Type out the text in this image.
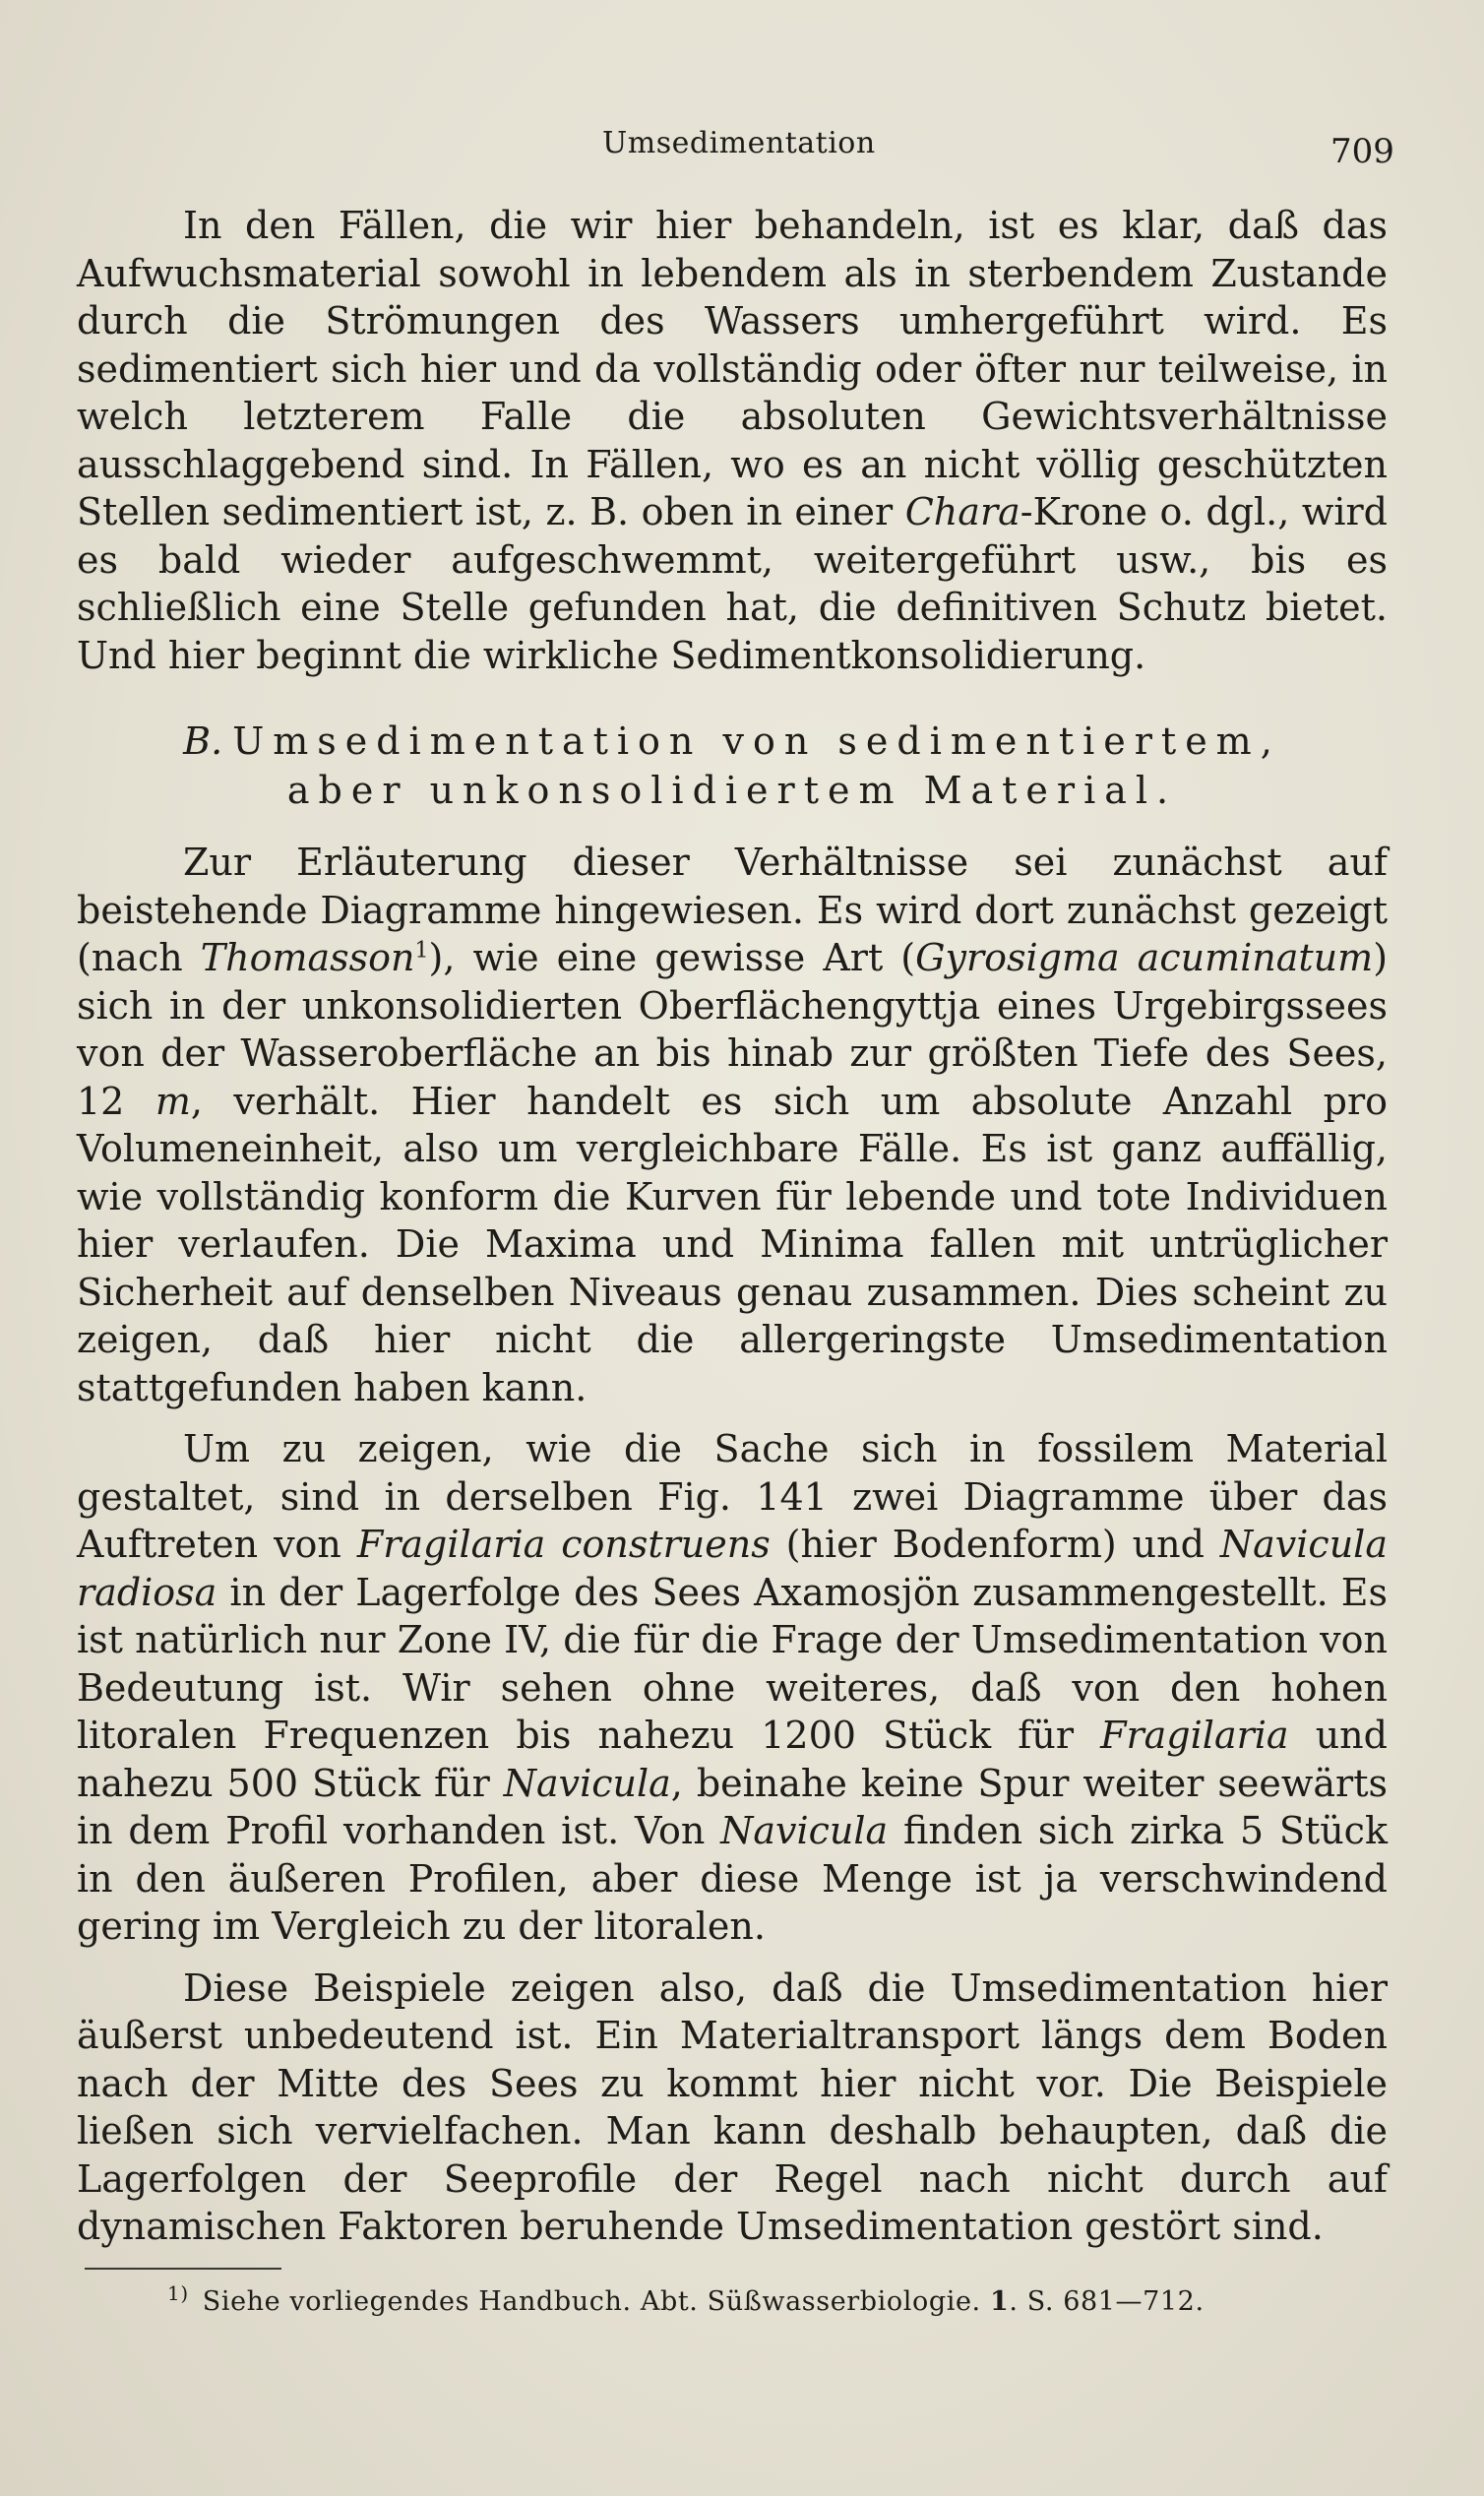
Umsedimentation	709

In den Fällen, die wir hier behandeln, ist es klar, daß das Aufwuchsmaterial sowohl in lebendem als in sterbendem Zustande durch die Strömungen des Wassers umhergeführt wird. Es sedimentiert sich hier und da vollständig oder öfter nur teilweise, in welch letzterem Falle die absoluten Gewichtsverhältnisse ausschlaggebend sind. In Fällen, wo es an nicht völlig geschützten Stellen sedimentiert ist, z. B. oben in einer Chara-Krone o. dgl., wird es bald wieder aufgeschwemmt, weitergeführt usw., bis es schließlich eine Stelle gefunden hat, die definitiven Schutz bietet. Und hier beginnt die wirkliche Sedimentkonsolidierung.

B. Umsedimentation von sedimentiertem,
aber unkonsolidiertem Material.

Zur Erläuterung dieser Verhältnisse sei zunächst auf beistehende Diagramme hingewiesen. Es wird dort zunächst gezeigt (nach Thomasson$^1$), wie eine gewisse Art (Gyrosigma acuminatum) sich in der unkonsolidierten Oberflächengyttja eines Urgebirgssees von der Wasseroberfläche an bis hinab zur größten Tiefe des Sees, 12 m, verhält. Hier handelt es sich um absolute Anzahl pro Volumeneinheit, also um vergleichbare Fälle. Es ist ganz auffällig, wie vollständig konform die Kurven für lebende und tote Individuen hier verlaufen. Die Maxima und Minima fallen mit untrüglicher Sicherheit auf denselben Niveaus genau zusammen. Dies scheint zu zeigen, daß hier nicht die allergeringste Umsedimentation stattgefunden haben kann.

Um zu zeigen, wie die Sache sich in fossilem Material gestaltet, sind in derselben Fig. 141 zwei Diagramme über das Auftreten von Fragilaria construens (hier Bodenform) und Navicula radiosa in der Lagerfolge des Sees Axamosjön zusammengestellt. Es ist natürlich nur Zone IV, die für die Frage der Umsedimentation von Bedeutung ist. Wir sehen ohne weiteres, daß von den hohen litoralen Frequenzen bis nahezu 1200 Stück für Fragilaria und nahezu 500 Stück für Navicula, beinahe keine Spur weiter seewärts in dem Profil vorhanden ist. Von Navicula finden sich zirka 5 Stück in den äußeren Profilen, aber diese Menge ist ja verschwindend gering im Vergleich zu der litoralen.

Diese Beispiele zeigen also, daß die Umsedimentation hier äußerst unbedeutend ist. Ein Materialtransport längs dem Boden nach der Mitte des Sees zu kommt hier nicht vor. Die Beispiele ließen sich vervielfachen. Man kann deshalb behaupten, daß die Lagerfolgen der Seeprofile der Regel nach nicht durch auf dynamischen Faktoren beruhende Umsedimentation gestört sind.

$^{1)}$ Siehe vorliegendes Handbuch. Abt. Süßwasserbiologie. 1. S. 681—712.
